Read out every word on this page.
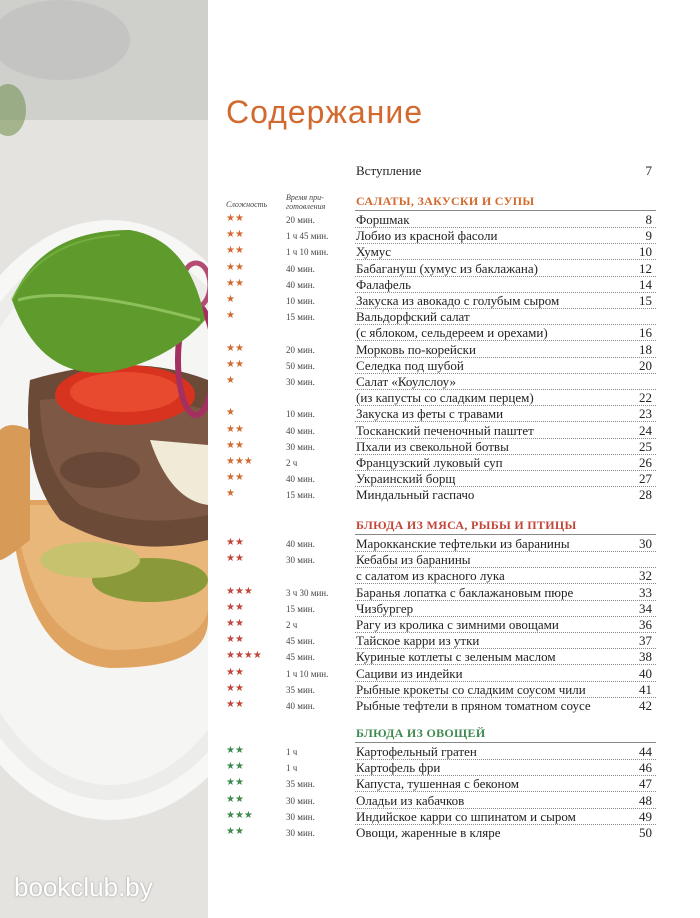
bookclub.by
Содержание
Сложность
Время при-
готовления
Вступление	7
САЛАТЫ, ЗАКУСКИ И СУПЫ
★★	20 мин.	Форшмак	8
★★	1 ч 45 мин. Лобио из красной фасоли	9
★★	1 ч 10 мин. Хумус	10
★★	40 мин.	Бабагануш (хумус из баклажана)	12
★★	40 мин.	Фалафель	14
★	10 мин.	Закуска из авокадо с голубым сыром	15
★	15 мин.	Вальдорфский салат
(с яблоком, сельдереем и орехами)	16
★★	20 мин.	Морковь по-корейски	18
★★	50 мин.	Селедка под шубой	20
★	30 мин.	Салат «Коулслоу»
(из капусты со сладким перцем)	22
★	10 мин.	Закуска из феты с травами	23
★★	40 мин.	Тосканский печеночный паштет	24
★★	30 мин.	Пхали из свекольной ботвы	25
★★★	2 ч	Французский луковый суп	26
★★	40 мин.	Украинский борщ	27
★	15 мин.	Миндальный гаспачо	28
БЛЮДА ИЗ МЯСА, РЫБЫ И ПТИЦЫ
★★	40 мин.	Марокканские тефтельки из баранины	30
★★	30 мин.	Кебабы из баранины
с салатом из красного лука	32
★★★	3 ч 30 мин. Баранья лопатка с баклажановым пюре	33
★★	15 мин.	Чизбургер	34
★★	2 ч	Рагу из кролика с зимними овощами	36
★★	45 мин.	Тайское карри из утки	37
★★★★	45 мин.	Куриные котлеты с зеленым маслом	38
★★	1 ч 10 мин. Сациви из индейки	40
★★	35 мин.	Рыбные крокеты со сладким соусом чили	41
★★	40 мин.	Рыбные тефтели в пряном томатном соусе	42
БЛЮДА ИЗ ОВОЩЕЙ
★★	1 ч	Картофельный гратен	44
★★	1 ч	Картофель фри	46
★★	35 мин.	Капуста, тушенная с беконом	47
★★	30 мин.	Оладьи из кабачков	48
★★★	30 мин.	Индийское карри со шпинатом и сыром	49
★★	30 мин.	Овощи, жаренные в кляре	50
